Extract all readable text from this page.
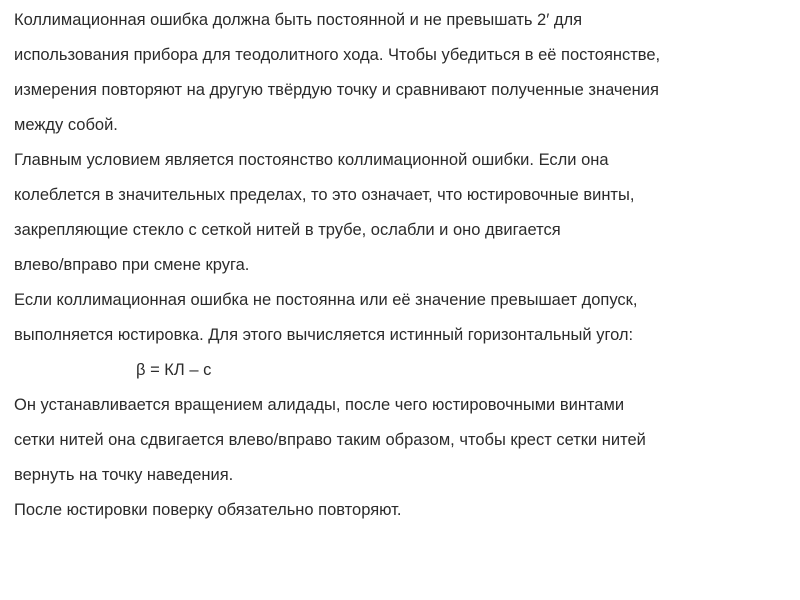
Коллимационная ошибка должна быть постоянной и не превышать 2′ для
использования прибора для теодолитного хода. Чтобы убедиться в её постоянстве,
измерения повторяют на другую твёрдую точку и сравнивают полученные значения
между собой.
Главным условием является постоянство коллимационной ошибки. Если она
колеблется в значительных пределах, то это означает, что юстировочные винты,
закрепляющие стекло с сеткой нитей в трубе, ослабли и оно двигается
влево/вправо при смене круга.
Если коллимационная ошибка не постоянна или её значение превышает допуск,
выполняется юстировка. Для этого вычисляется истинный горизонтальный угол:
β = КЛ – c
Он устанавливается вращением алидады, после чего юстировочными винтами
сетки нитей она сдвигается влево/вправо таким образом, чтобы крест сетки нитей
вернуть на точку наведения.
После юстировки поверку обязательно повторяют.
